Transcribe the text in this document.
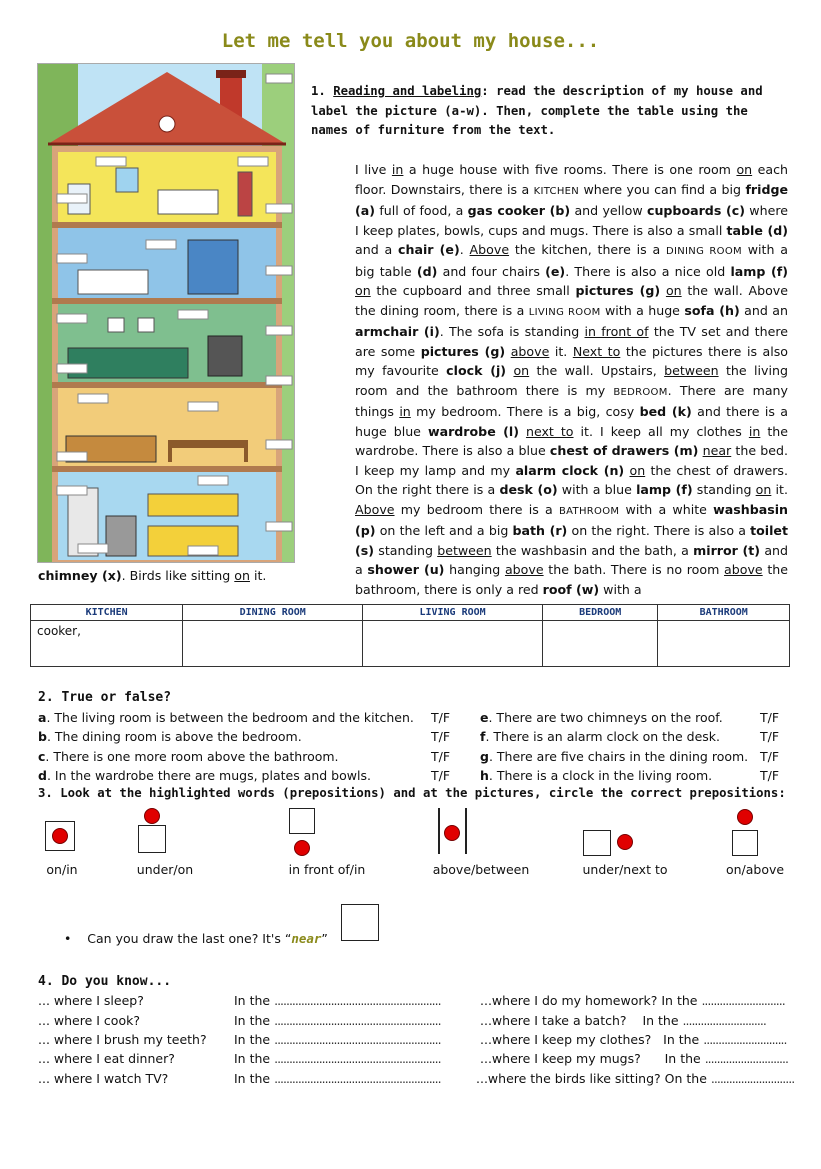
Let me tell you about my house...
1. Reading and labeling: read the description of my house and label the picture (a-w). Then, complete the table using the names of furniture from the text.

I live in a huge house with five rooms. There is one room on each floor. Downstairs, there is a KITCHEN where you can find a big fridge (a) full of food, a gas cooker (b) and yellow cupboards (c) where I keep plates, bowls, cups and mugs. There is also a small table (d) and a chair (e). Above the kitchen, there is a DINING ROOM with a big table (d) and four chairs (e). There is also a nice old lamp (f) on the cupboard and three small pictures (g) on the wall. Above the dining room, there is a LIVING ROOM with a huge sofa (h) and an armchair (i). The sofa is standing in front of the TV set and there are some pictures (g) above it. Next to the pictures there is also my favourite clock (j) on the wall. Upstairs, between the living room and the bathroom there is my BEDROOM. There are many things in my bedroom. There is a big, cosy bed (k) and there is a huge blue wardrobe (l) next to it. I keep all my clothes in the wardrobe. There is also a blue chest of drawers (m) near the bed. I keep my lamp and my alarm clock (n) on the chest of drawers. On the right there is a desk (o) with a blue lamp (f) standing on it. Above my bedroom there is a BATHROOM with a white washbasin (p) on the left and a big bath (r) on the right. There is also a toilet (s) standing between the washbasin and the bath, a mirror (t) and a shower (u) hanging above the bath. There is no room above the bathroom, there is only a red roof (w) with a

chimney (x). Birds like sitting on it.
KITCHEN	DINING ROOM	LIVING ROOM	BEDROOM	BATHROOM
cooker,				
2. True or false?
a. The living room is between the bedroom and the kitchen. T/F
b. The dining room is above the bedroom.	T/F
c. There is one more room above the bathroom.	T/F
d. In the wardrobe there are mugs, plates and bowls.	T/F
e. There are two chimneys on the roof.	T/F
f. There is an alarm clock on the desk.	T/F
g. There are five chairs in the dining room. T/F
h. There is a clock in the living room.	T/F
3. Look at the highlighted words (prepositions) and at the pictures, circle the correct prepositions:
on/in	under/on	in front of/in	above/between	under/next to	on/above
•    Can you draw the last one? It's “near”
4. Do you know...
... where I sleep?	In the ........................................................
... where I cook?	In the ........................................................
... where I brush my teeth? In the ........................................................
... where I eat dinner?	In the ........................................................
... where I watch TV?	In the ........................................................
...where I do my homework? In the ............................
...where I take a batch? In the ............................
...where I keep my clothes? In the ............................
...where I keep my mugs? In the ............................
...where the birds like sitting? On the ............................
